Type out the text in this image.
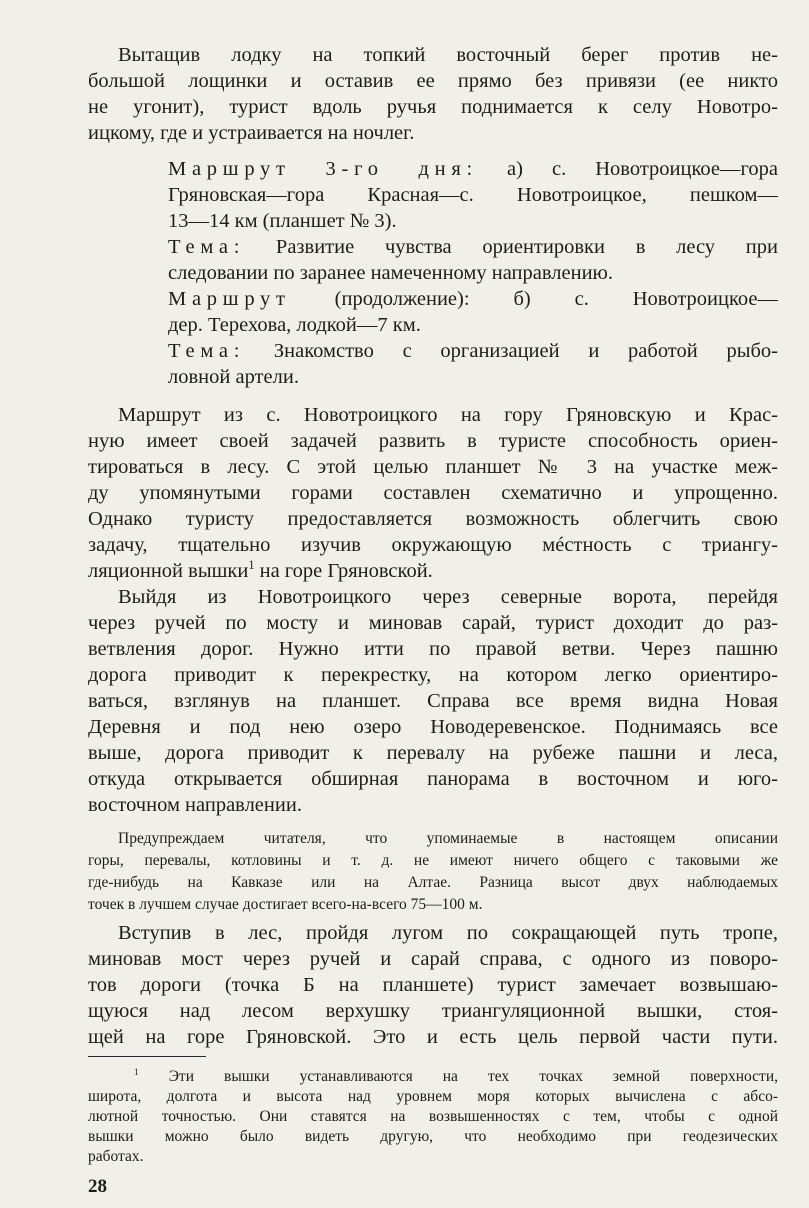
Вытащив лодку на топкий восточный берег против не-
большой лощинки и оставив ее прямо без привязи (ее никто
не угонит), турист вдоль ручья поднимается к селу Новотро-
ицкому, где и устраивается на ночлег.
Маршрут 3-го дня: а) с. Новотроицкое—гора
Гряновская—гора Красная—с. Новотроицкое, пешком—
13—14 км (планшет № 3).
Тема: Развитие чувства ориентировки в лесу при
следовании по заранее намеченному направлению.
Маршрут (продолжение): б) с. Новотроицкое—
дер. Терехова, лодкой—7 км.
Тема: Знакомство с организацией и работой рыбо-
ловной артели.
Маршрут из с. Новотроицкого на гору Гряновскую и Крас-
ную имеет своей задачей развить в туристе способность ориен-
тироваться в лесу. С этой целью планшет № 3 на участке меж-
ду упомянутыми горами составлен схематично и упрощенно.
Однако туристу предоставляется возможность облегчить свою
задачу, тщательно изучив окружающую мéстность с триангу-
ляционной вышки$^1$ на горе Гряновской.
Выйдя из Новотроицкого через северные ворота, перейдя
через ручей по мосту и миновав сарай, турист доходит до раз-
ветвления дорог. Нужно итти по правой ветви. Через пашню
дорога приводит к перекрестку, на котором легко ориентиро-
ваться, взглянув на планшет. Справа все время видна Новая
Деревня и под нею озеро Новодеревенское. Поднимаясь все
выше, дорога приводит к перевалу на рубеже пашни и леса,
откуда открывается обширная панорама в восточном и юго-
восточном направлении.
Предупреждаем читателя, что упоминаемые в настоящем описании
горы, перевалы, котловины и т. д. не имеют ничего общего с таковыми же
где-нибудь на Кавказе или на Алтае. Разница высот двух наблюдаемых
точек в лучшем случае достигает всего-на-всего 75—100 м.
Вступив в лес, пройдя лугом по сокращающей путь тропе,
миновав мост через ручей и сарай справа, с одного из поворо-
тов дороги (точка Б на планшете) турист замечает возвышаю-
щуюся над лесом верхушку триангуляционной вышки, стоя-
щей на горе Гряновской. Это и есть цель первой части пути.
$^1$ Эти вышки устанавливаются на тех точках земной поверхности,
широта, долгота и высота над уровнем моря которых вычислена с абсо-
лютной точностью. Они ставятся на возвышенностях с тем, чтобы с одной
вышки можно было видеть другую, что необходимо при геодезических
работах.
28
